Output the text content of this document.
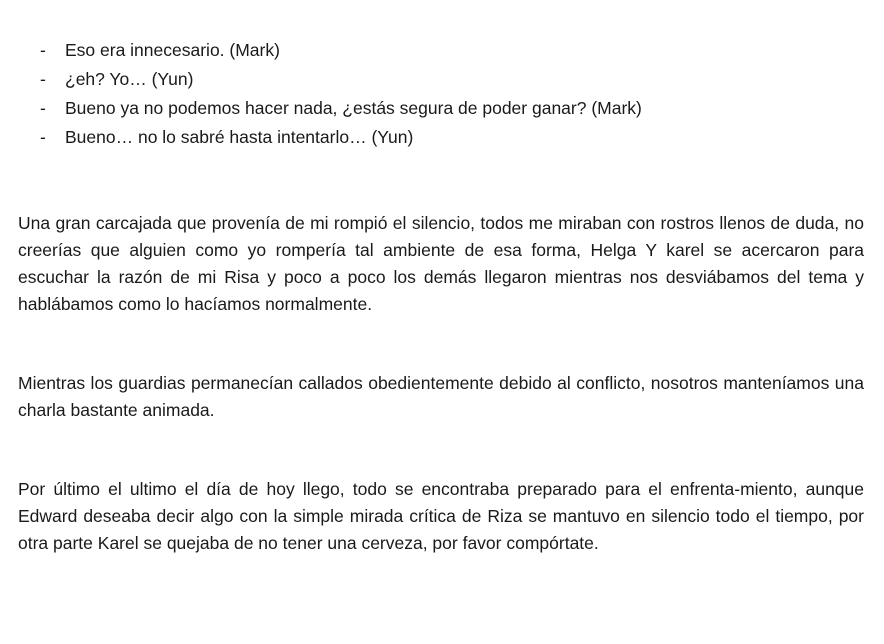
- Eso era innecesario. (Mark)
- ¿eh? Yo… (Yun)
- Bueno ya no podemos hacer nada, ¿estás segura de poder ganar? (Mark)
- Bueno… no lo sabré hasta intentarlo… (Yun)

Una gran carcajada que provenía de mi rompió el silencio, todos me miraban con rostros llenos de duda, no creerías que alguien como yo rompería tal ambiente de esa forma, Helga Y karel se acercaron para escuchar la razón de mi Risa y poco a poco los demás llegaron mientras nos desviábamos del tema y hablábamos como lo hacíamos normalmente.

Mientras los guardias permanecían callados obedientemente debido al conflicto, nosotros manteníamos una charla bastante animada.

Por último el ultimo el día de hoy llego, todo se encontraba preparado para el enfrenta-miento, aunque Edward deseaba decir algo con la simple mirada crítica de Riza se mantuvo en silencio todo el tiempo, por otra parte Karel se quejaba de no tener una cerveza, por favor compórtate.
